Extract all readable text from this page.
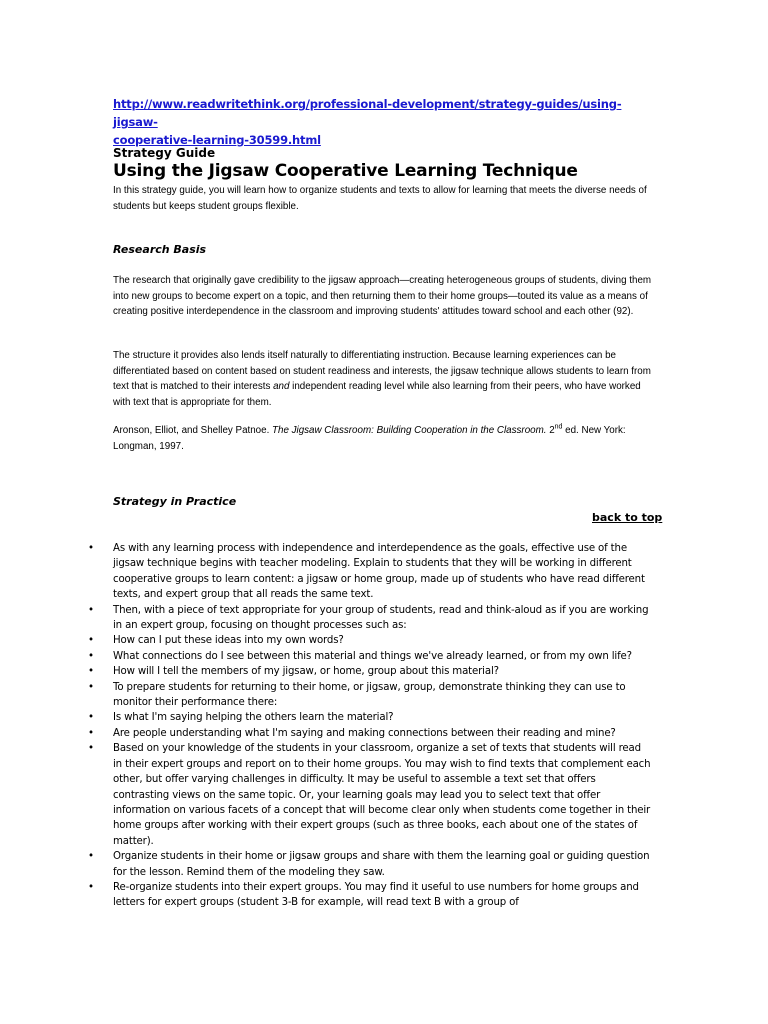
http://www.readwritethink.org/professional-development/strategy-guides/using-jigsaw-
cooperative-learning-30599.html
Strategy Guide
Using the Jigsaw Cooperative Learning Technique
In this strategy guide, you will learn how to organize students and texts to allow for learning that meets the diverse needs of students but keeps student groups flexible.
Research Basis
The research that originally gave credibility to the jigsaw approach—creating heterogeneous groups of students, diving them into new groups to become expert on a topic, and then returning them to their home groups—touted its value as a means of creating positive interdependence in the classroom and improving students' attitudes toward school and each other (92).
The structure it provides also lends itself naturally to differentiating instruction. Because learning experiences can be differentiated based on content based on student readiness and interests, the jigsaw technique allows students to learn from text that is matched to their interests and independent reading level while also learning from their peers, who have worked with text that is appropriate for them.
Aronson, Elliot, and Shelley Patnoe. The Jigsaw Classroom: Building Cooperation in the Classroom. 2nd ed. New York: Longman, 1997.
Strategy in Practice
back to top
• As with any learning process with independence and interdependence as the goals, effective use of the jigsaw technique begins with teacher modeling. Explain to students that they will be working in different cooperative groups to learn content: a jigsaw or home group, made up of students who have read different texts, and expert group that all reads the same text.
• Then, with a piece of text appropriate for your group of students, read and think-aloud as if you are working in an expert group, focusing on thought processes such as:
• How can I put these ideas into my own words?
• What connections do I see between this material and things we've already learned, or from my own life?
• How will I tell the members of my jigsaw, or home, group about this material?
• To prepare students for returning to their home, or jigsaw, group, demonstrate thinking they can use to monitor their performance there:
• Is what I'm saying helping the others learn the material?
• Are people understanding what I'm saying and making connections between their reading and mine?
• Based on your knowledge of the students in your classroom, organize a set of texts that students will read in their expert groups and report on to their home groups. You may wish to find texts that complement each other, but offer varying challenges in difficulty. It may be useful to assemble a text set that offers contrasting views on the same topic. Or, your learning goals may lead you to select text that offer information on various facets of a concept that will become clear only when students come together in their home groups after working with their expert groups (such as three books, each about one of the states of matter).
• Organize students in their home or jigsaw groups and share with them the learning goal or guiding question for the lesson. Remind them of the modeling they saw.
• Re-organize students into their expert groups. You may find it useful to use numbers for home groups and letters for expert groups (student 3-B for example, will read text B with a group of
